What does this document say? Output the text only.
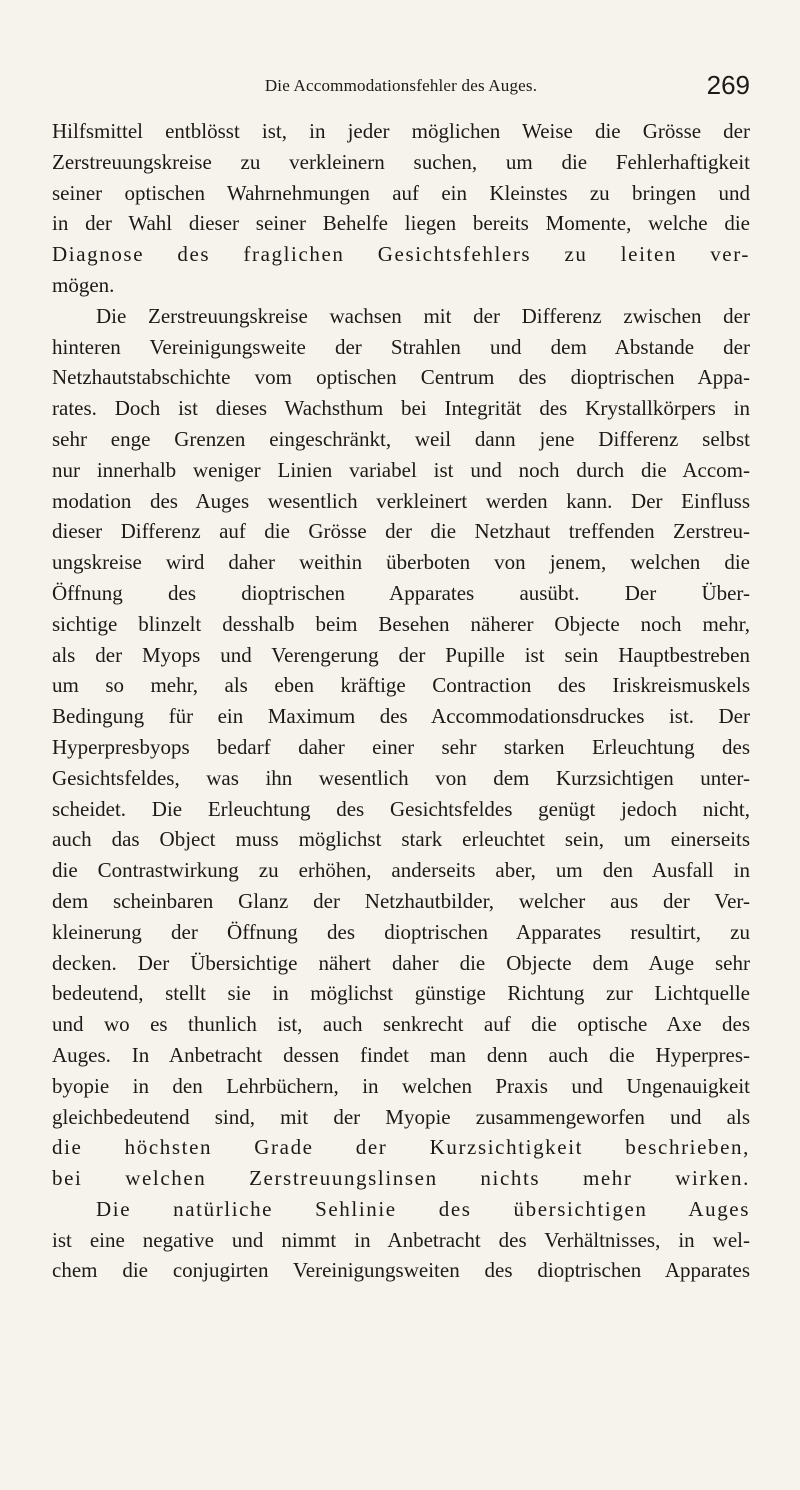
Die Accommodationsfehler des Auges.	269
Hilfsmittel entblösst ist, in jeder möglichen Weise die Grösse der
Zerstreuungskreise zu verkleinern suchen, um die Fehlerhaftigkeit
seiner optischen Wahrnehmungen auf ein Kleinstes zu bringen und
in der Wahl dieser seiner Behelfe liegen bereits Momente, welche die
Diagnose des fraglichen Gesichtsfehlers zu leiten ver-
mögen.
Die Zerstreuungskreise wachsen mit der Differenz zwischen der
hinteren Vereinigungsweite der Strahlen und dem Abstande der
Netzhautstabschichte vom optischen Centrum des dioptrischen Appa-
rates. Doch ist dieses Wachsthum bei Integrität des Krystallkörpers in
sehr enge Grenzen eingeschränkt, weil dann jene Differenz selbst
nur innerhalb weniger Linien variabel ist und noch durch die Accom-
modation des Auges wesentlich verkleinert werden kann. Der Einfluss
dieser Differenz auf die Grösse der die Netzhaut treffenden Zerstreu-
ungskreise wird daher weithin überboten von jenem, welchen die
Öffnung des dioptrischen Apparates ausübt. Der Über-
sichtige blinzelt desshalb beim Besehen näherer Objecte noch mehr,
als der Myops und Verengerung der Pupille ist sein Hauptbestreben
um so mehr, als eben kräftige Contraction des Iriskreismuskels
Bedingung für ein Maximum des Accommodationsdruckes ist. Der
Hyperpresbyops bedarf daher einer sehr starken Erleuchtung des
Gesichtsfeldes, was ihn wesentlich von dem Kurzsichtigen unter-
scheidet. Die Erleuchtung des Gesichtsfeldes genügt jedoch nicht,
auch das Object muss möglichst stark erleuchtet sein, um einerseits
die Contrastwirkung zu erhöhen, anderseits aber, um den Ausfall in
dem scheinbaren Glanz der Netzhautbilder, welcher aus der Ver-
kleinerung der Öffnung des dioptrischen Apparates resultirt, zu
decken. Der Übersichtige nähert daher die Objecte dem Auge sehr
bedeutend, stellt sie in möglichst günstige Richtung zur Lichtquelle
und wo es thunlich ist, auch senkrecht auf die optische Axe des
Auges. In Anbetracht dessen findet man denn auch die Hyperpres-
byopie in den Lehrbüchern, in welchen Praxis und Ungenauigkeit
gleichbedeutend sind, mit der Myopie zusammengeworfen und als
die höchsten Grade der Kurzsichtigkeit beschrieben,
bei welchen Zerstreuungslinsen nichts mehr wirken.
Die natürliche Sehlinie des übersichtigen Auges
ist eine negative und nimmt in Anbetracht des Verhältnisses, in wel-
chem die conjugirten Vereinigungsweiten des dioptrischen Apparates
